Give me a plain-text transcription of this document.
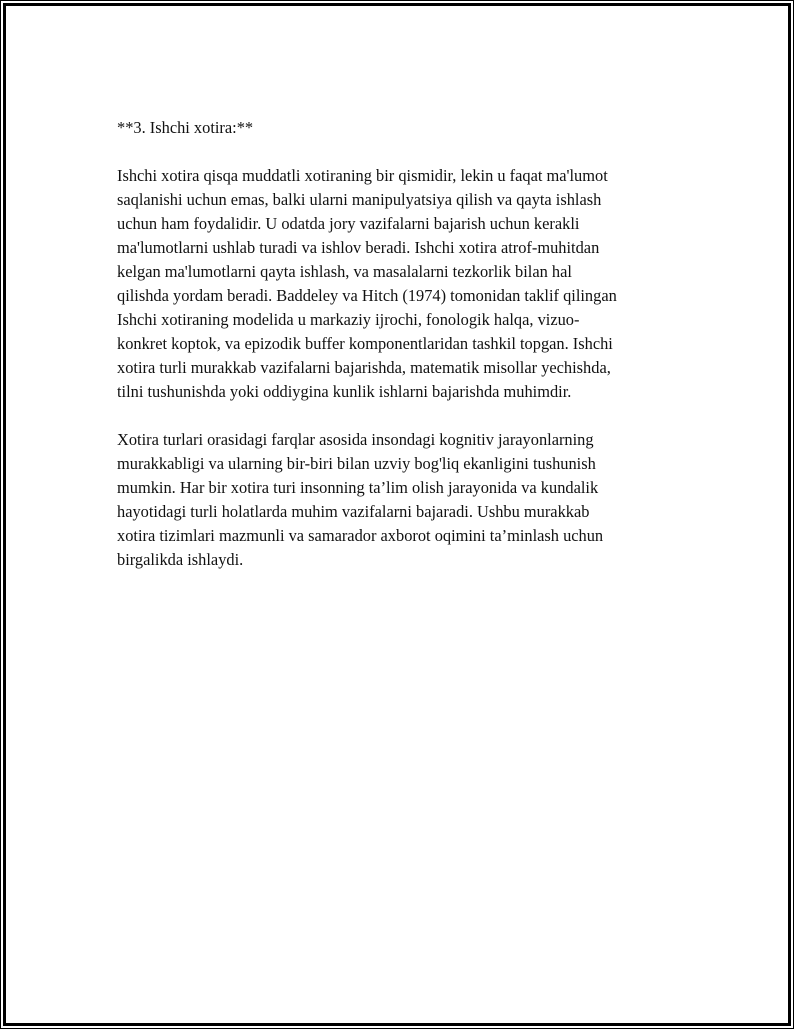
**3. Ishchi xotira:**

Ishchi xotira qisqa muddatli xotiraning bir qismidir, lekin u faqat ma'lumot
saqlanishi uchun emas, balki ularni manipulyatsiya qilish va qayta ishlash
uchun ham foydalidir. U odatda jory vazifalarni bajarish uchun kerakli
ma'lumotlarni ushlab turadi va ishlov beradi. Ishchi xotira atrof-muhitdan
kelgan ma'lumotlarni qayta ishlash, va masalalarni tezkorlik bilan hal
qilishda yordam beradi. Baddeley va Hitch (1974) tomonidan taklif qilingan
Ishchi xotiraning modelida u markaziy ijrochi, fonologik halqa, vizuo-
konkret koptok, va epizodik buffer komponentlaridan tashkil topgan. Ishchi
xotira turli murakkab vazifalarni bajarishda, matematik misollar yechishda,
tilni tushunishda yoki oddiygina kunlik ishlarni bajarishda muhimdir.

Xotira turlari orasidagi farqlar asosida insondagi kognitiv jarayonlarning
murakkabligi va ularning bir-biri bilan uzviy bog'liq ekanligini tushunish
mumkin. Har bir xotira turi insonning ta’lim olish jarayonida va kundalik
hayotidagi turli holatlarda muhim vazifalarni bajaradi. Ushbu murakkab
xotira tizimlari mazmunli va samarador axborot oqimini ta’minlash uchun
birgalikda ishlaydi.
